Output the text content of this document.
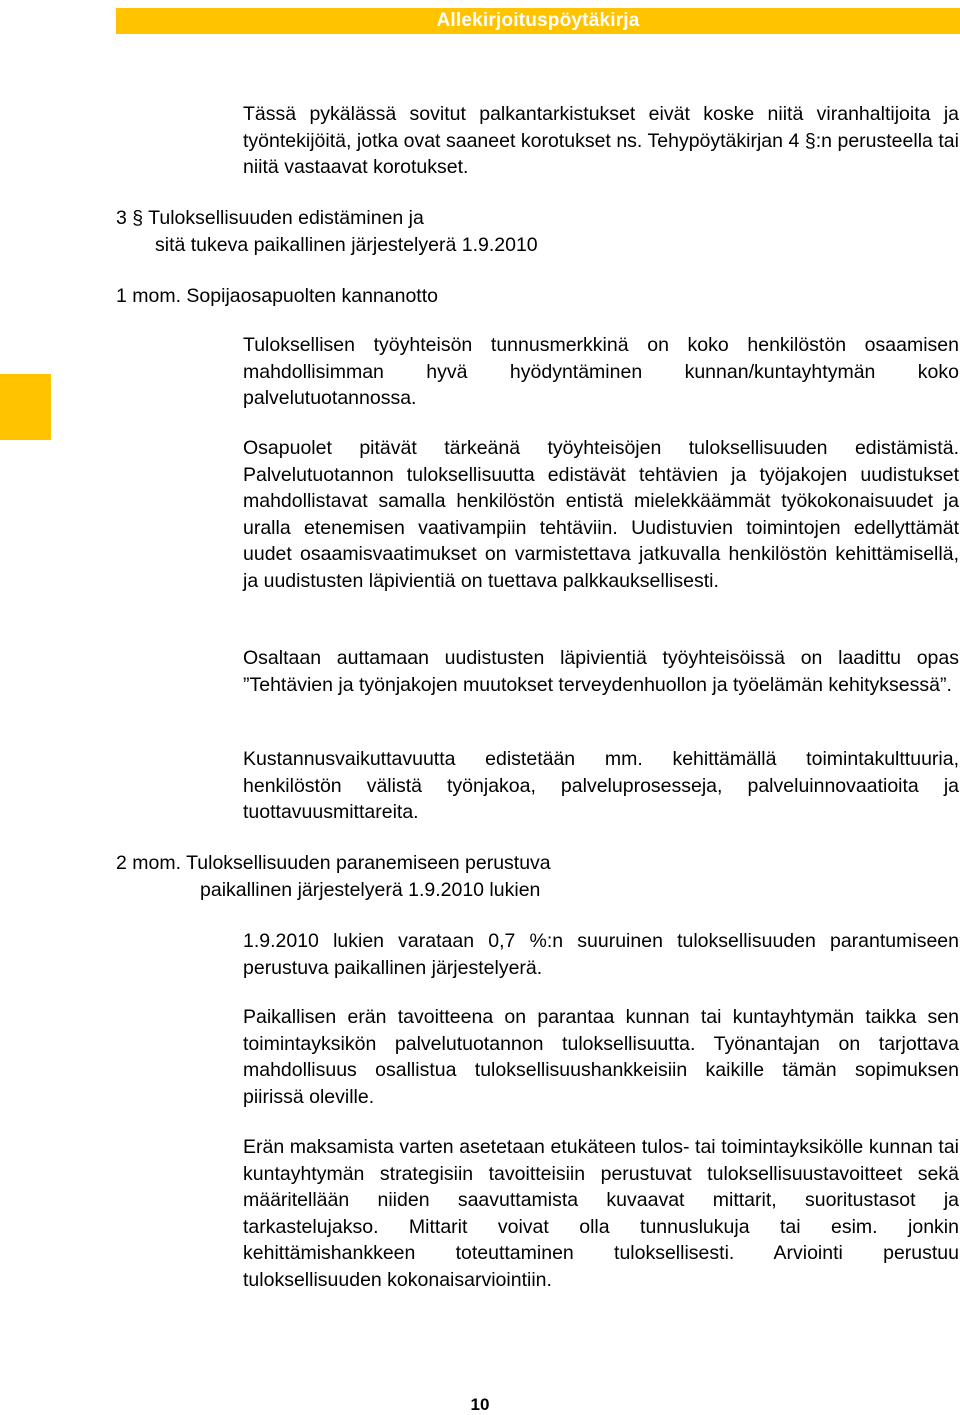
Allekirjoituspöytäkirja

Tässä pykälässä sovitut palkantarkistukset eivät koske niitä viranhaltijoita ja työntekijöitä, jotka ovat saaneet korotukset ns. Tehypöytäkirjan 4 §:n perusteella tai niitä vastaavat korotukset.

3 § Tuloksellisuuden edistäminen ja

sitä tukeva paikallinen järjestelyerä 1.9.2010

1 mom. Sopijaosapuolten kannanotto

Tuloksellisen työyhteisön tunnusmerkkinä on koko henkilöstön osaamisen mahdollisimman hyvä hyödyntäminen kunnan/kuntayhtymän koko palvelutuotannossa.

Osapuolet pitävät tärkeänä työyhteisöjen tuloksellisuuden edistämistä. Palvelutuotannon tuloksellisuutta edistävät tehtävien ja työjakojen uudistukset mahdollistavat samalla henkilöstön entistä mielekkäämmät työkokonaisuudet ja uralla etenemisen vaativampiin tehtäviin. Uudistuvien toimintojen edellyttämät uudet osaamisvaatimukset on varmistettava jatkuvalla henkilöstön kehittämisellä, ja uudistusten läpivientiä on tuettava palkkauksellisesti.

Osaltaan auttamaan uudistusten läpivientiä työyhteisöissä on laadittu opas ”Tehtävien ja työnjakojen muutokset terveydenhuollon ja työelämän kehityksessä”.

Kustannusvaikuttavuutta edistetään mm. kehittämällä toimintakulttuuria, henkilöstön välistä työnjakoa, palveluprosesseja, palveluinnovaatioita ja tuottavuusmittareita.

2 mom. Tuloksellisuuden paranemiseen perustuva

paikallinen järjestelyerä 1.9.2010 lukien

1.9.2010 lukien varataan 0,7 %:n suuruinen tuloksellisuuden parantumiseen perustuva paikallinen järjestelyerä.

Paikallisen erän tavoitteena on parantaa kunnan tai kuntayhtymän taikka sen toimintayksikön palvelutuotannon tuloksellisuutta. Työnantajan on tarjottava mahdollisuus osallistua tuloksellisuushankkeisiin kaikille tämän sopimuksen piirissä oleville.

Erän maksamista varten asetetaan etukäteen tulos- tai toimintayksikölle kunnan tai kuntayhtymän strategisiin tavoitteisiin perustuvat tuloksellisuustavoitteet sekä määritellään niiden saavuttamista kuvaavat mittarit, suoritustasot ja tarkastelujakso. Mittarit voivat olla tunnuslukuja tai esim. jonkin kehittämishankkeen toteuttaminen tuloksellisesti. Arviointi perustuu tuloksellisuuden kokonaisarviointiin.

10
